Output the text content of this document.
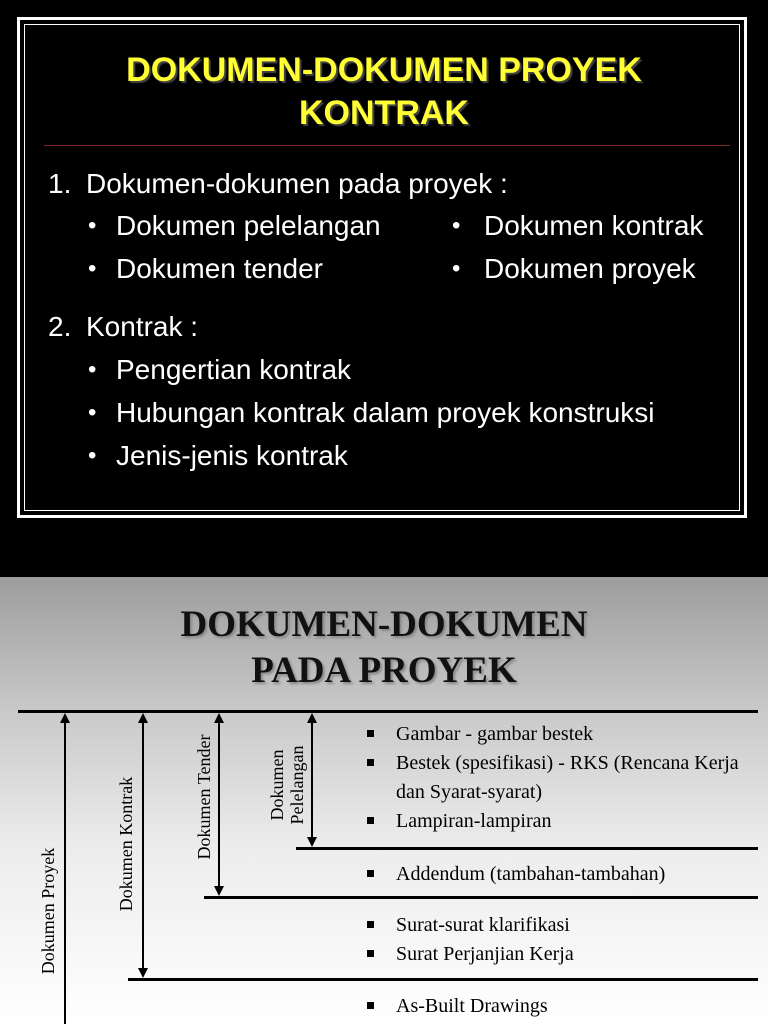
DOKUMEN-DOKUMEN PROYEK
KONTRAK
1. Dokumen-dokumen pada proyek :
• Dokumen pelelangan	• Dokumen kontrak
• Dokumen tender	• Dokumen proyek
2. Kontrak :
• Pengertian kontrak
• Hubungan kontrak dalam proyek konstruksi
• Jenis-jenis kontrak
DOKUMEN-DOKUMEN
PADA PROYEK
Dokumen Proyek	Dokumen Kontrak	Dokumen Tender	Dokumen
Pelelangan
Gambar - gambar bestek
Bestek (spesifikasi) - RKS (Rencana Kerja
dan Syarat-syarat)
Lampiran-lampiran
Addendum (tambahan-tambahan)
Surat-surat klarifikasi
Surat Perjanjian Kerja
As-Built Drawings
